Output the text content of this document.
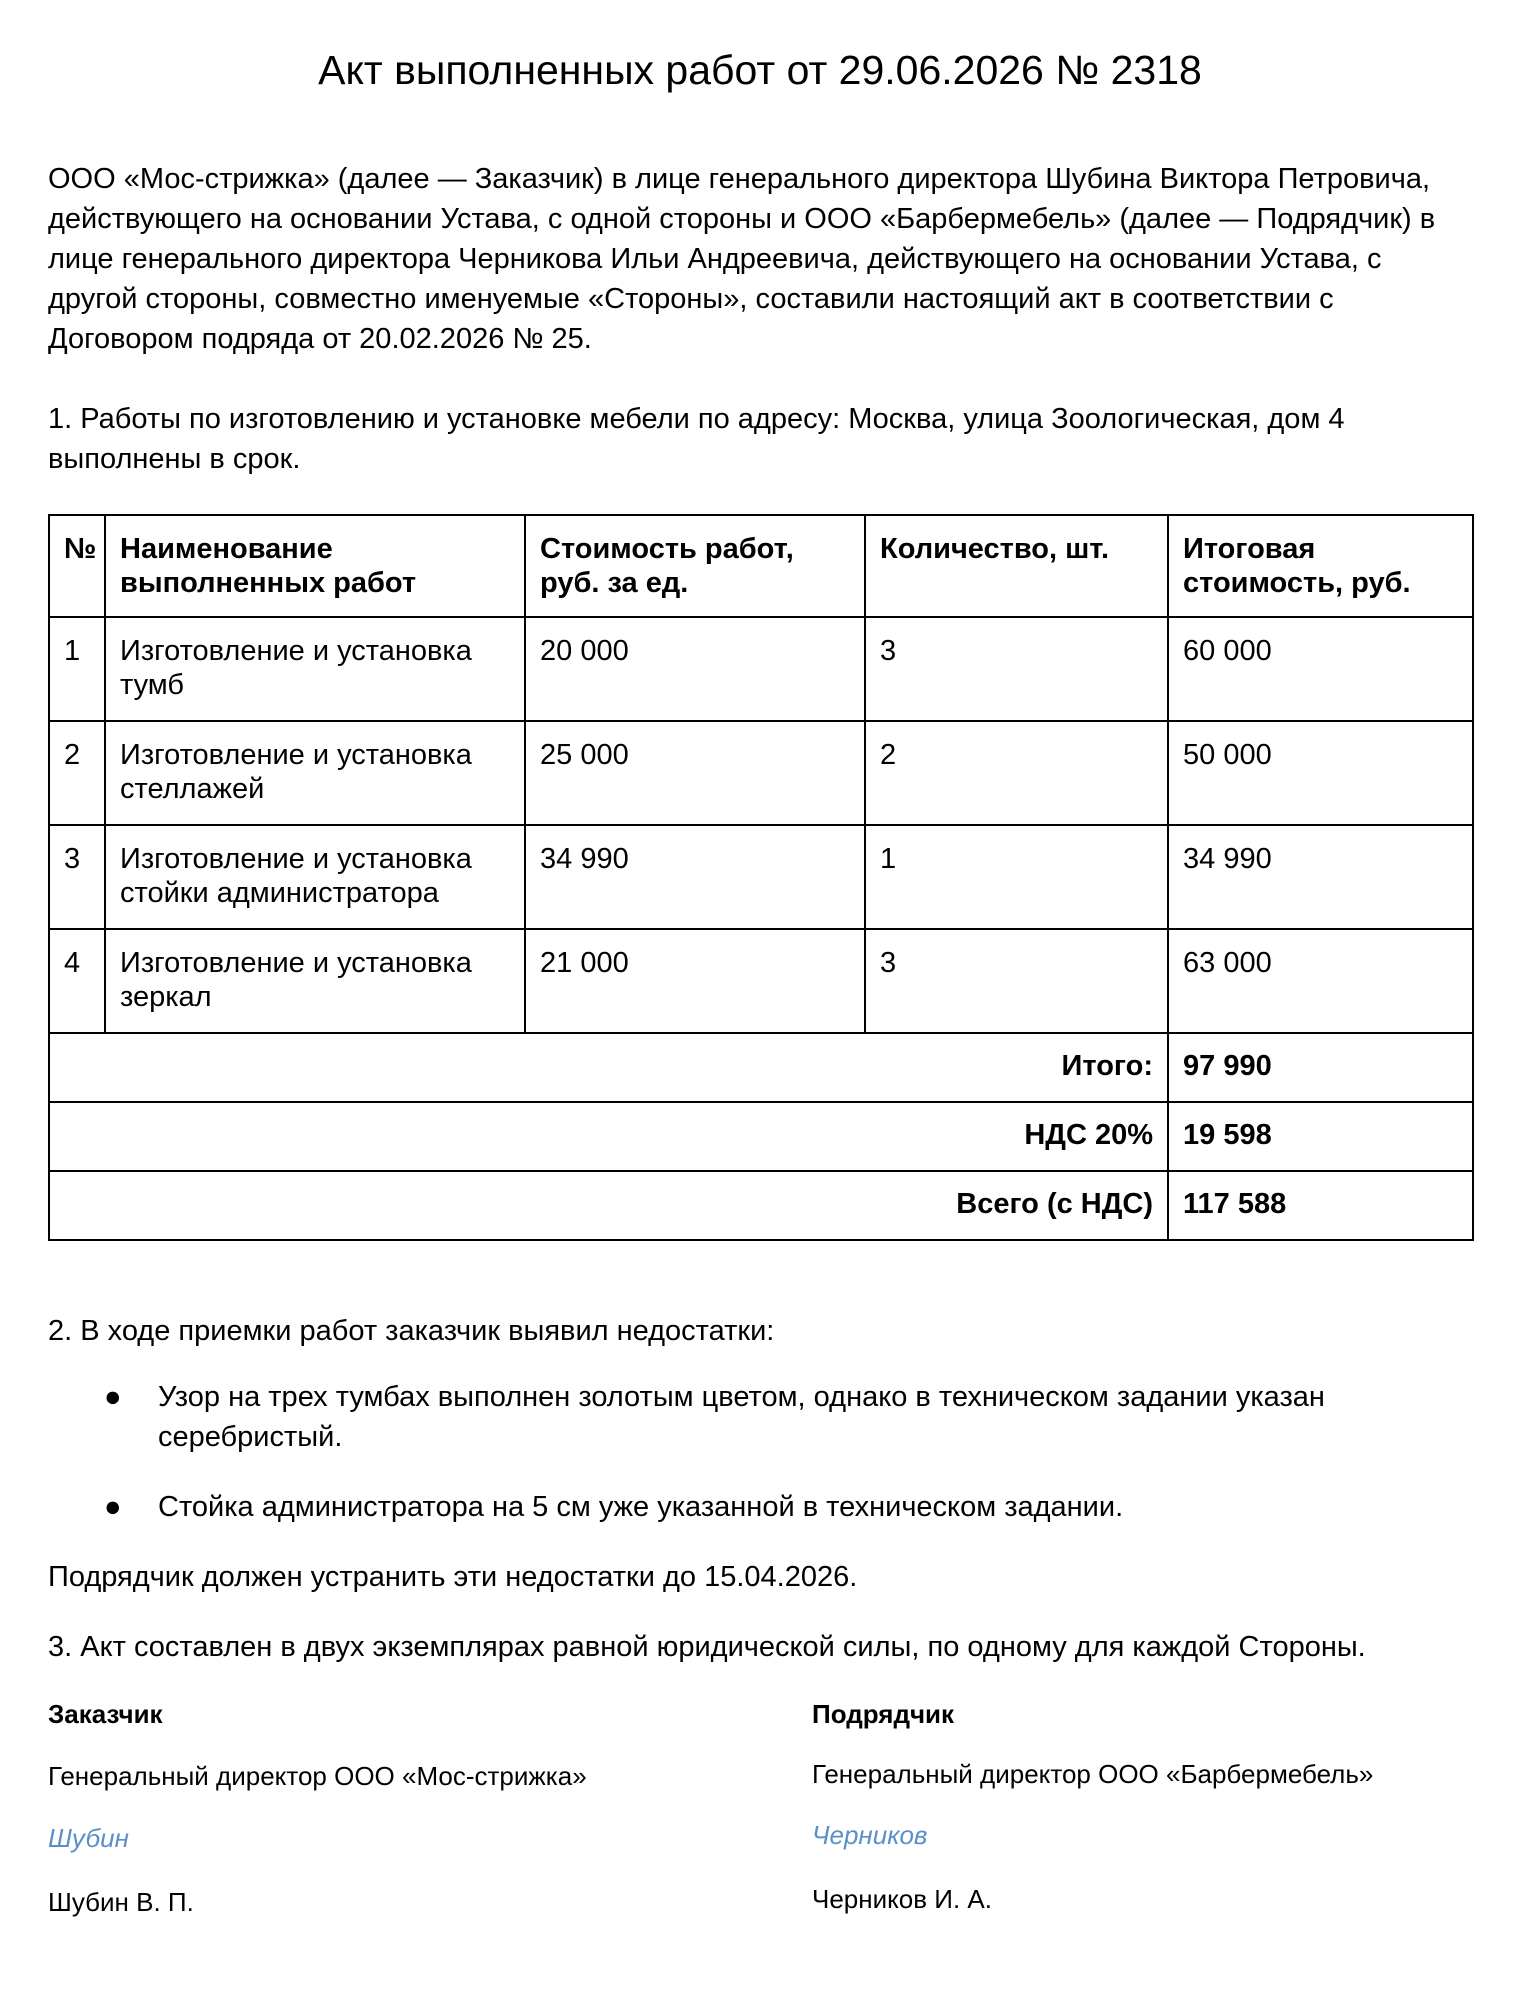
Акт выполненных работ от 29.06.2026 № 2318

ООО «Мос-стрижка» (далее — Заказчик) в лице генерального директора Шубина Виктора Петровича, действующего на основании Устава, с одной стороны и ООО «Барбермебель» (далее — Подрядчик) в лице генерального директора Черникова Ильи Андреевича, действующего на основании Устава, с другой стороны, совместно именуемые «Стороны», составили настоящий акт в соответствии с Договором подряда от 20.02.2026 № 25.

1. Работы по изготовлению и установке мебели по адресу: Москва, улица Зоологическая, дом 4 выполнены в срок.

№	Наименование выполненных работ	Стоимость работ, руб. за ед.	Количество, шт.	Итоговая стоимость, руб.
1	Изготовление и установка тумб	20 000	3	60 000
2	Изготовление и установка стеллажей	25 000	2	50 000
3	Изготовление и установка стойки администратора	34 990	1	34 990
4	Изготовление и установка зеркал	21 000	3	63 000
Итого:				97 990
НДС 20%				19 598
Всего (с НДС)				117 588

2. В ходе приемки работ заказчик выявил недостатки:

● Узор на трех тумбах выполнен золотым цветом, однако в техническом задании указан серебристый.
● Стойка администратора на 5 см уже указанной в техническом задании.

Подрядчик должен устранить эти недостатки до 15.04.2026.

3. Акт составлен в двух экземплярах равной юридической силы, по одному для каждой Стороны.

Заказчик

Генеральный директор ООО «Мос-стрижка»

Шубин

Шубин В. П.

Подрядчик

Генеральный директор ООО «Барбермебель»

Черников

Черников И. А.
